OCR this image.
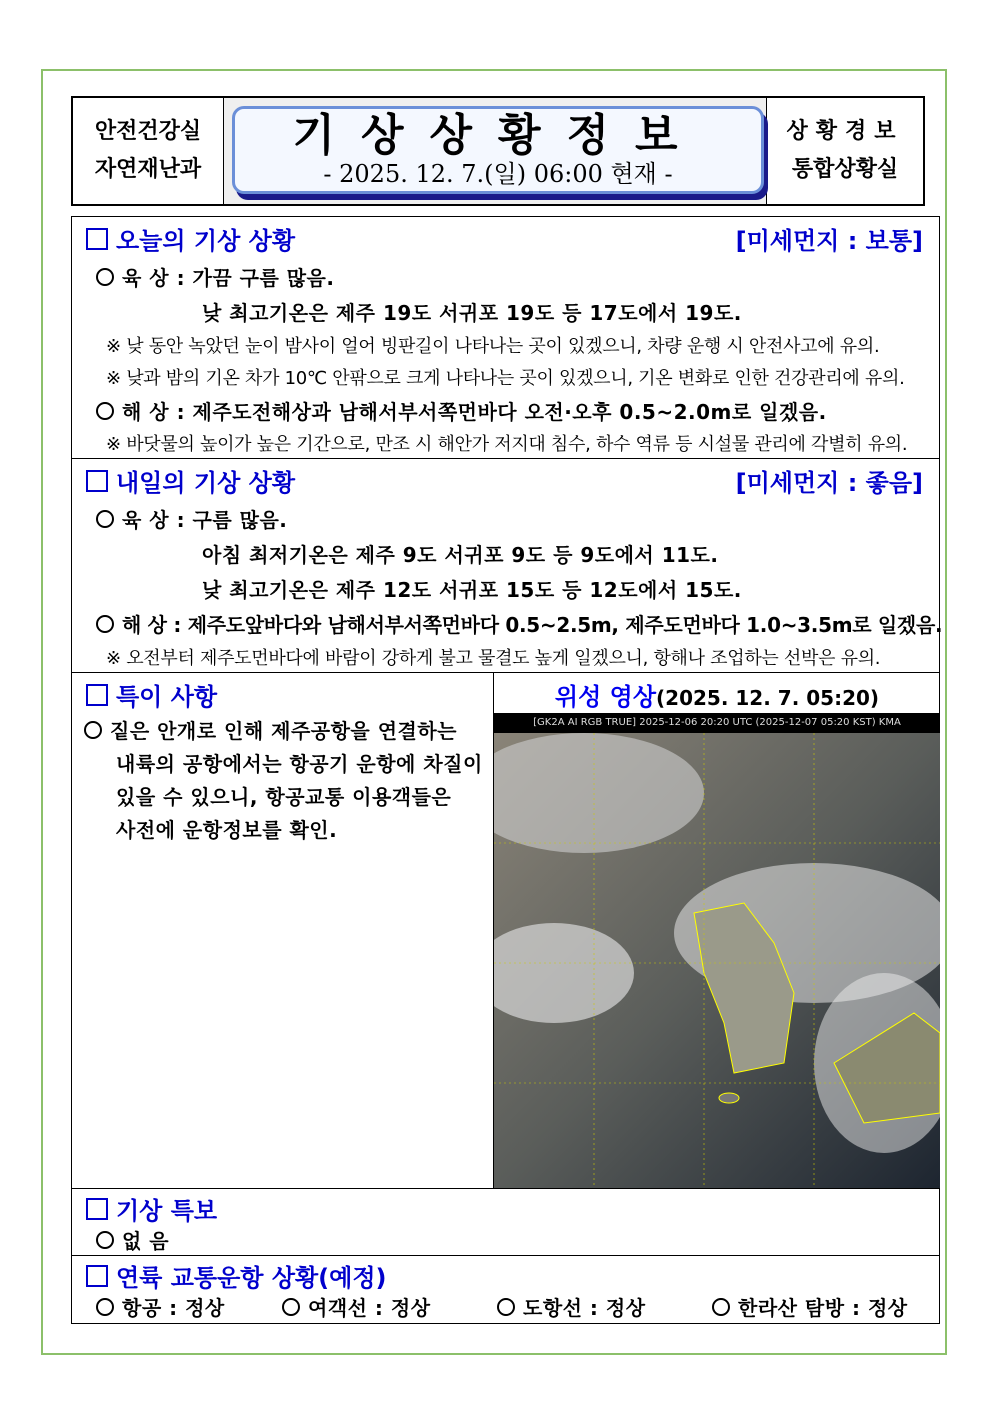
안전건강실
자연재난과
기상상황정보
- 2025. 12. 7.(일) 06:00 현재 -
상황경보
통합상황실
오늘의 기상 상황	[미세먼지 : 보통]
육 상 : 가끔 구름 많음.
낮 최고기온은 제주 19도 서귀포 19도 등 17도에서 19도.
※ 낮 동안 녹았던 눈이 밤사이 얼어 빙판길이 나타나는 곳이 있겠으니, 차량 운행 시 안전사고에 유의.
※ 낮과 밤의 기온 차가 10℃ 안팎으로 크게 나타나는 곳이 있겠으니, 기온 변화로 인한 건강관리에 유의.
해 상 : 제주도전해상과 남해서부서쪽먼바다 오전·오후 0.5~2.0m로 일겠음.
※ 바닷물의 높이가 높은 기간으로, 만조 시 해안가 저지대 침수, 하수 역류 등 시설물 관리에 각별히 유의.
내일의 기상 상황	[미세먼지 : 좋음]
육 상 : 구름 많음.
아침 최저기온은 제주 9도 서귀포 9도 등 9도에서 11도.
낮 최고기온은 제주 12도 서귀포 15도 등 12도에서 15도.
해 상 : 제주도앞바다와 남해서부서쪽먼바다 0.5~2.5m, 제주도먼바다 1.0~3.5m로 일겠음.
※ 오전부터 제주도먼바다에 바람이 강하게 불고 물결도 높게 일겠으니, 항해나 조업하는 선박은 유의.
특이 사항
짙은 안개로 인해 제주공항을 연결하는
내륙의 공항에서는 항공기 운항에 차질이
있을 수 있으니, 항공교통 이용객들은
사전에 운항정보를 확인.
위성 영상(2025. 12. 7. 05:20)
[GK2A AI RGB TRUE] 2025-12-06 20:20 UTC (2025-12-07 05:20 KST) KMA
기상 특보
없 음
연륙 교통운항 상황(예정)
항공 : 정상	여객선 : 정상	도항선 : 정상	한라산 탐방 : 정상
